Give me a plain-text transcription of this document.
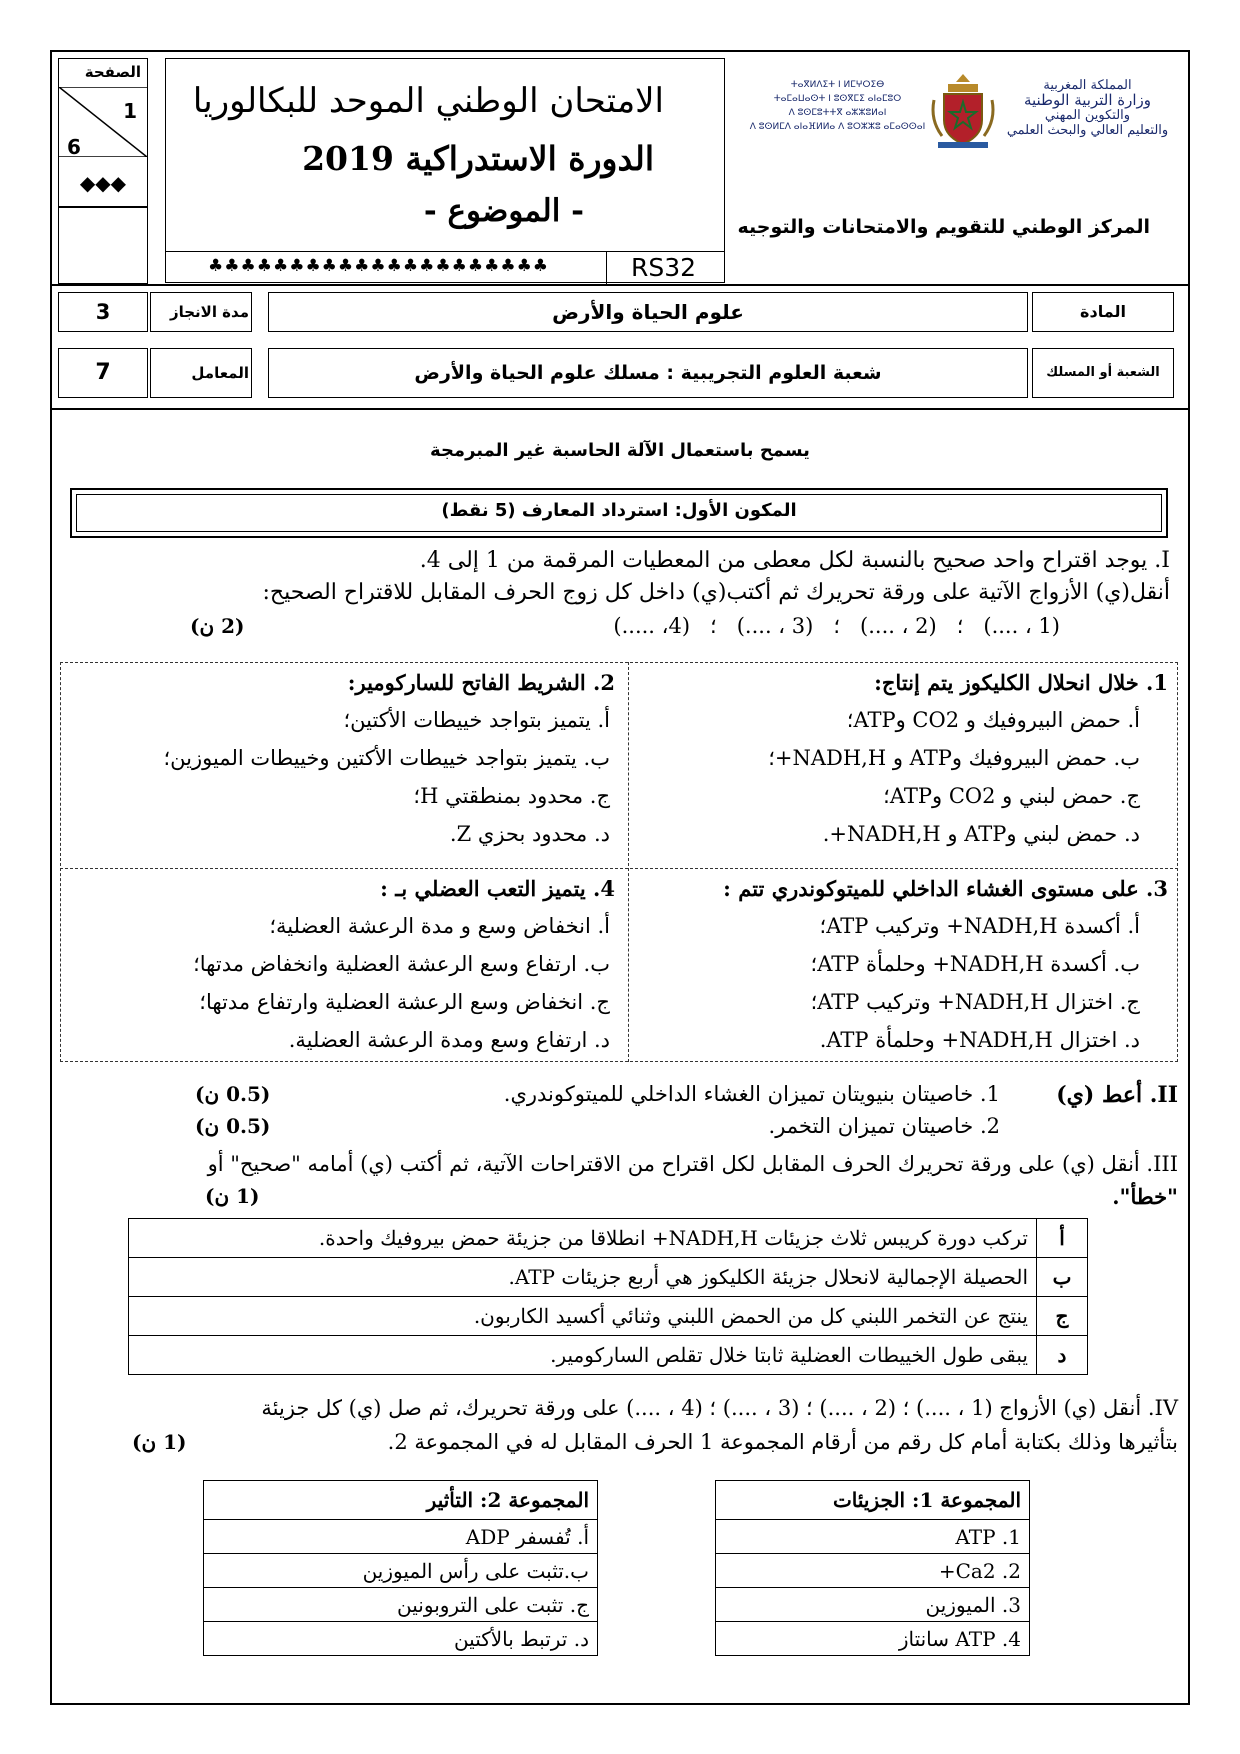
الصفحة
1
6
◆◆◆
الامتحان الوطني الموحد للبكالوريا
الدورة الاستدراكية 2019
- الموضوع -
♣♣♣♣♣♣♣♣♣♣♣♣♣♣♣♣♣♣♣♣♣	RS32
ⵜⴰⴳⵍⴷⵉⵜ ⵏ ⵍⵎⵖⵔⵉⴱ
ⵜⴰⵎⴰⵡⴰⵙⵜ ⵏ ⵓⵙⴳⵎⵉ ⴰⵏⴰⵎⵓⵔ
ⴷ ⵓⵙⵎⵓⵜⵜⴳ ⴰⵣⵣⵓⵍⴰⵏ
ⴷ ⵓⵙⵍⵎⴷ ⴰⵏⴰⴼⵍⵍⴰ ⴷ ⵓⵔⵣⵣⵓ ⴰⵎⴰⵙⵙⴰⵏ
المملكة المغربية
وزارة التربية الوطنية
والتكوين المهني
والتعليم العالي والبحث العلمي
المركز الوطني للتقويم والامتحانات والتوجيه
3	مدة الانجاز	علوم الحياة والأرض	المادة
7	المعامل	شعبة العلوم التجريبية : مسلك علوم الحياة والأرض	الشعبة أو المسلك
يسمح باستعمال الآلة الحاسبة غير المبرمجة
المكون الأول: استرداد المعارف (5 نقط)
I. يوجد اقتراح واحد صحيح بالنسبة لكل معطى من المعطيات المرقمة من 1 إلى 4.
أنقل(ي) الأزواج الآتية على ورقة تحريرك ثم أكتب(ي) داخل كل زوج الحرف المقابل للاقتراح الصحيح:
(1 ، ....)   ؛   (2 ، ....)   ؛   (3 ، ....)   ؛   (4، .....)
(2 ن)
1. خلال انحلال الكليكوز يتم إنتاج:
أ. حمض البيروفيك و CO2 وATP؛
ب. حمض البيروفيك وATP و NADH,H+؛
ج. حمض لبني و CO2 وATP؛
د. حمض لبني وATP و NADH,H+.
2. الشريط الفاتح للساركومير:
أ. يتميز بتواجد خييطات الأكتين؛
ب. يتميز بتواجد خييطات الأكتين وخييطات الميوزين؛
ج. محدود بمنطقتي H؛
د. محدود بحزي Z.
3. على مستوى الغشاء الداخلي للميتوكوندري تتم :
أ. أكسدة NADH,H+ وتركيب ATP؛
ب. أكسدة NADH,H+ وحلمأة ATP؛
ج. اختزال NADH,H+ وتركيب ATP؛
د. اختزال NADH,H+ وحلمأة ATP.
4. يتميز التعب العضلي بـ :
أ. انخفاض وسع و مدة الرعشة العضلية؛
ب. ارتفاع وسع الرعشة العضلية وانخفاض مدتها؛
ج. انخفاض وسع الرعشة العضلية وارتفاع مدتها؛
د. ارتفاع وسع ومدة الرعشة العضلية.
II. أعط (ي)
1. خاصيتان بنيويتان تميزان الغشاء الداخلي للميتوكوندري.
2. خاصيتان تميزان التخمر.
(0.5 ن)
(0.5 ن)
III. أنقل (ي) على ورقة تحريرك الحرف المقابل لكل اقتراح من الاقتراحات الآتية، ثم أكتب (ي) أمامه "صحيح" أو
"خطأ".
(1 ن)
أ	تركب دورة كريبس ثلاث جزيئات NADH,H+ انطلاقا من جزيئة حمض بيروفيك واحدة.
ب	الحصيلة الإجمالية لانحلال جزيئة الكليكوز هي أربع جزيئات ATP.
ج	ينتج عن التخمر اللبني كل من الحمض اللبني وثنائي أكسيد الكاربون.
د	يبقى طول الخييطات العضلية ثابتا خلال تقلص الساركومير.
IV. أنقل (ي) الأزواج (1 ، ....) ؛ (2 ، ....) ؛ (3 ، ....) ؛ (4 ، ....) على ورقة تحريرك، ثم صل (ي) كل جزيئة
بتأثيرها وذلك بكتابة أمام كل رقم من أرقام المجموعة 1 الحرف المقابل له في المجموعة 2.
(1 ن)
المجموعة 1: الجزيئات
1. ATP
2. Ca2+
3. الميوزين
4. ATP سانتاز
المجموعة 2: التأثير
أ. تُفسفر ADP
ب.تثبت على رأس الميوزين
ج. تثبت على التروبونين
د. ترتبط بالأكتين
